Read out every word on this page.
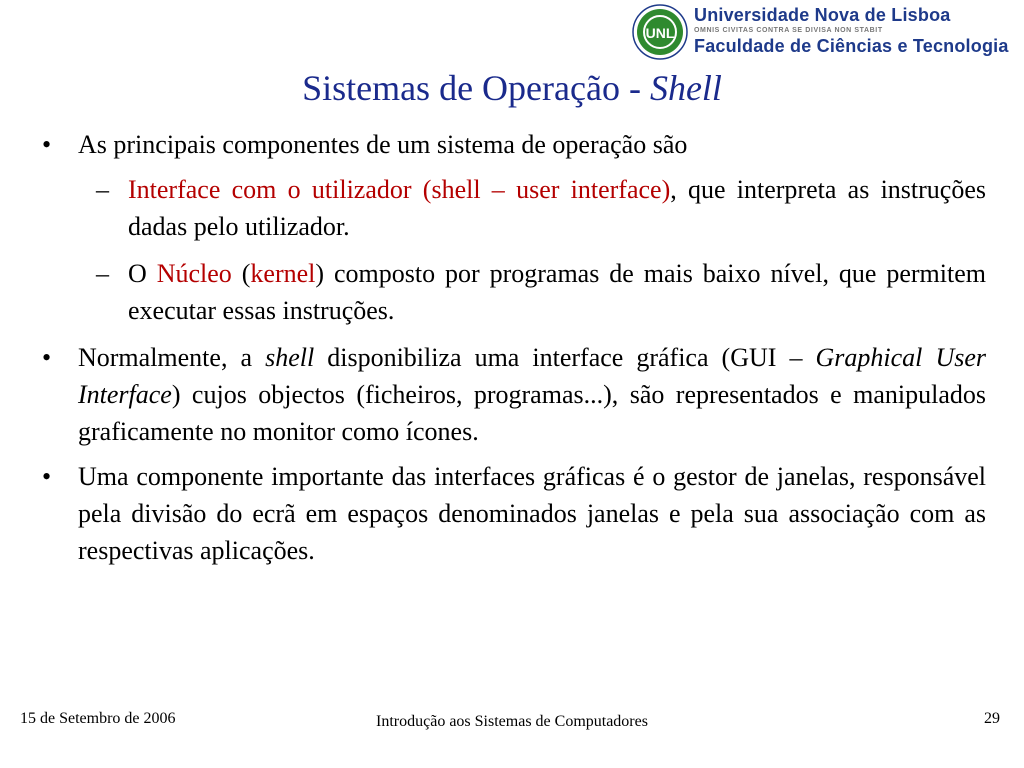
UNL
Universidade Nova de Lisboa
OMNIS CIVITAS CONTRA SE DIVISA NON STABIT
Faculdade de Ciências e Tecnologia
Sistemas de Operação - Shell
• As principais componentes de um sistema de operação são
– Interface com o utilizador (shell – user interface), que interpreta as instruções dadas pelo utilizador.
– O Núcleo (kernel) composto por programas de mais baixo nível, que permitem executar essas instruções.
• Normalmente, a shell disponibiliza uma interface gráfica (GUI – Graphical User Interface) cujos objectos (ficheiros, programas...), são representados e manipulados graficamente no monitor como ícones.
• Uma componente importante das interfaces gráficas é o gestor de janelas, responsável pela divisão do ecrã em espaços denominados janelas e pela sua associação com as respectivas aplicações.
15 de Setembro de 2006	Introdução aos Sistemas de Computadores	29
